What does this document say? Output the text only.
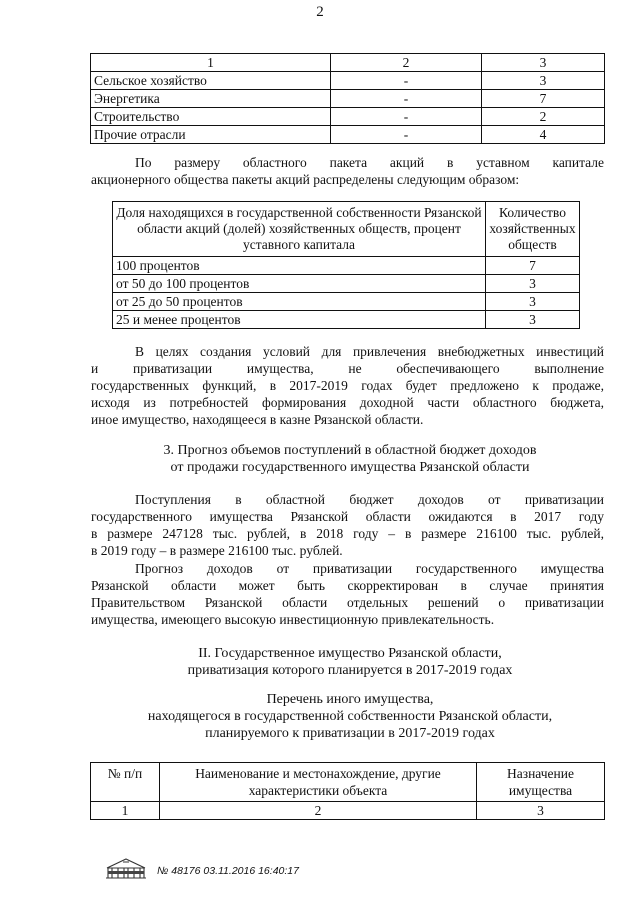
2
1	2	3
Сельское хозяйство	-	3
Энергетика	-	7
Строительство	-	2
Прочие отрасли	-	4
По размеру областного пакета акций в уставном капитале
акционерного общества пакеты акций распределены следующим образом:
Доля находящихся в государственной собственности Рязанской области акций (долей) хозяйственных обществ, процент уставного капитала	Количество хозяйственных обществ
100 процентов	7
от 50 до 100 процентов	3
от 25 до 50 процентов	3
25 и менее процентов	3
В целях создания условий для привлечения внебюджетных инвестиций
и приватизации имущества, не обеспечивающего выполнение
государственных функций, в 2017-2019 годах будет предложено к продаже,
исходя из потребностей формирования доходной части областного бюджета,
иное имущество, находящееся в казне Рязанской области.
3. Прогноз объемов поступлений в областной бюджет доходов
от продажи государственного имущества Рязанской области
Поступления в областной бюджет доходов от приватизации
государственного имущества Рязанской области ожидаются в 2017 году
в размере 247128 тыс. рублей, в 2018 году – в размере 216100 тыс. рублей,
в 2019 году – в размере 216100 тыс. рублей.
Прогноз доходов от приватизации государственного имущества
Рязанской области может быть скорректирован в случае принятия
Правительством Рязанской области отдельных решений о приватизации
имущества, имеющего высокую инвестиционную привлекательность.
II. Государственное имущество Рязанской области,
приватизация которого планируется в 2017-2019 годах
Перечень иного имущества,
находящегося в государственной собственности Рязанской области,
планируемого к приватизации в 2017-2019 годах
№ п/п	Наименование и местонахождение, другие характеристики объекта	Назначение имущества
1	2	3
№ 48176 03.11.2016 16:40:17
